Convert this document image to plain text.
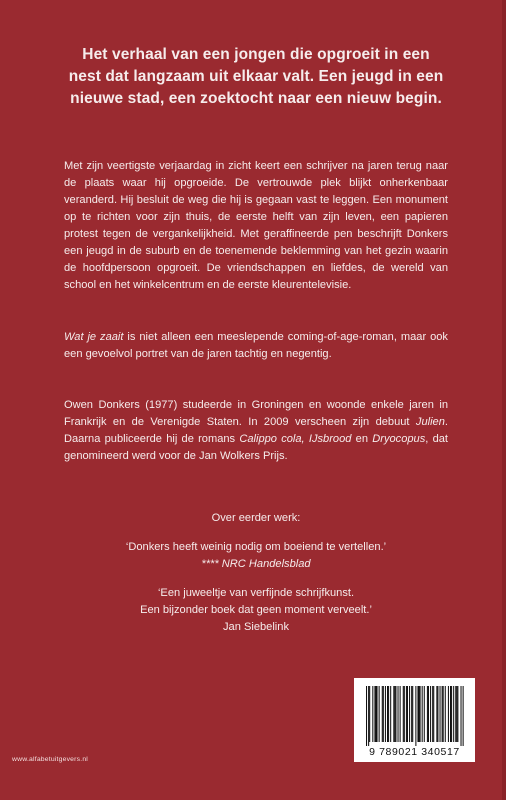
Het verhaal van een jongen die opgroeit in een
nest dat langzaam uit elkaar valt. Een jeugd in een
nieuwe stad, een zoektocht naar een nieuw begin.

Met zijn veertigste verjaardag in zicht keert een schrijver na jaren terug naar de plaats waar hij opgroeide. De vertrouwde plek blijkt onherkenbaar veranderd. Hij besluit de weg die hij is gegaan vast te leggen. Een monument op te richten voor zijn thuis, de eerste helft van zijn leven, een papieren protest tegen de vergankelijkheid. Met geraffineerde pen beschrijft Donkers een jeugd in de suburb en de toenemende beklemming van het gezin waarin de hoofdpersoon opgroeit. De vriendschappen en liefdes, de wereld van school en het winkelcentrum en de eerste kleurentelevisie.

Wat je zaait is niet alleen een meeslepende coming-of-age-roman, maar ook een gevoelvol portret van de jaren tachtig en negentig.

Owen Donkers (1977) studeerde in Groningen en woonde enkele jaren in Frankrijk en de Verenigde Staten. In 2009 verscheen zijn debuut Julien. Daarna publiceerde hij de romans Calippo cola, IJsbrood en Dryocopus, dat genomineerd werd voor de Jan Wolkers Prijs.

Over eerder werk:
‘Donkers heeft weinig nodig om boeiend te vertellen.’
**** NRC Handelsblad
‘Een juweeltje van verfijnde schrijfkunst.
Een bijzonder boek dat geen moment verveelt.’
Jan Siebelink
9 789021 340517
www.alfabetuitgevers.nl
